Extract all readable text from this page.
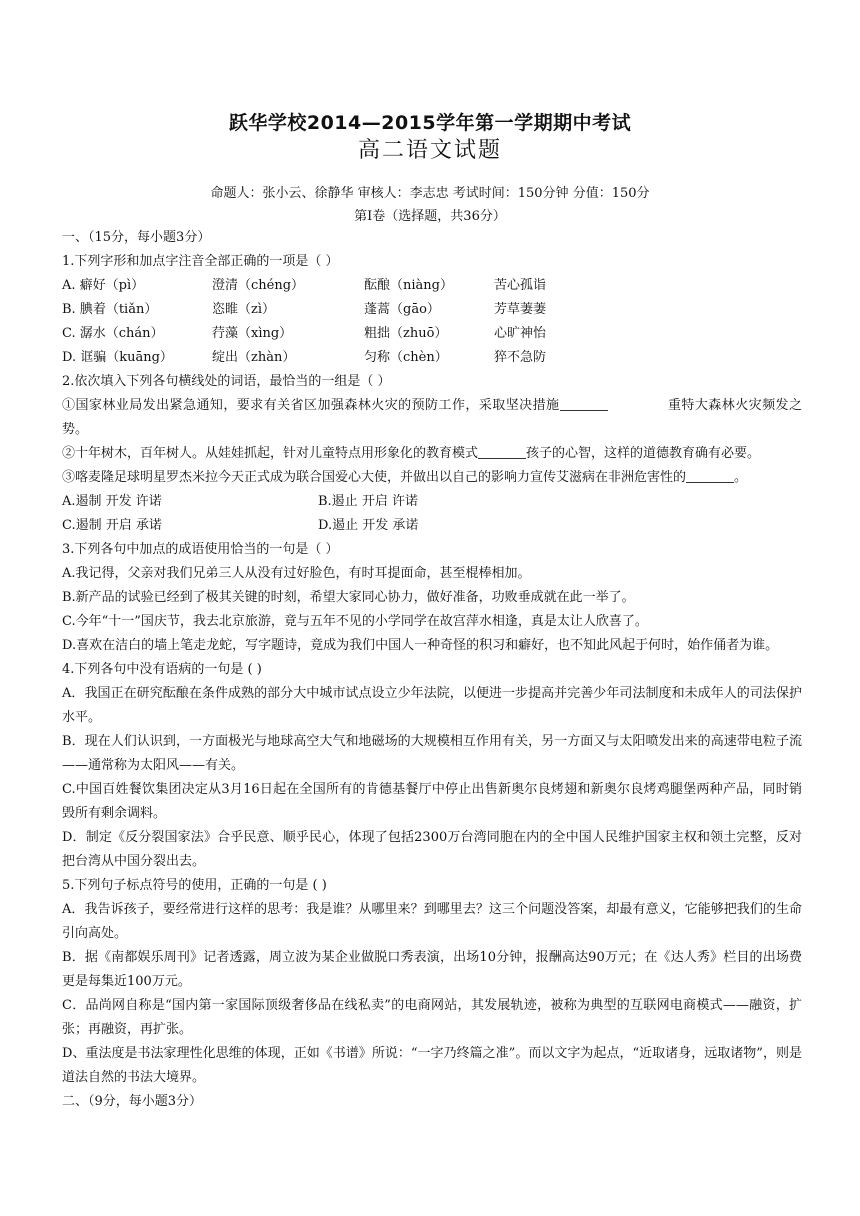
跃华学校2014—2015学年第一学期期中考试
高二语文试题
命题人：张小云、徐静华 审核人：李志忠 考试时间：150分钟 分值：150分
第Ⅰ卷（选择题，共36分）
一、（15分，每小题3分）
1.下列字形和加点字注音全部正确的一项是（ ）
A. 癖好（pì）	澄清（chéng）	酝酿（niàng）	苦心孤诣
B. 腆着（tiǎn）	恣睢（zì）	蓬蒿（gāo）	芳草萋萋
C. 潺水（chán）	荇藻（xìng）	粗拙（zhuō）	心旷神怡
D. 诓骗（kuāng）	绽出（zhàn）	匀称（chèn）	猝不急防
2.依次填入下列各句横线处的词语，最恰当的一组是（ ）
①国家林业局发出紧急通知，要求有关省区加强森林火灾的预防工作，采取坚决措施	重特大森林火灾频发之势。
②十年树木，百年树人。从娃娃抓起，针对儿童特点用形象化的教育模式	孩子的心智，这样的道德教育确有必要。
③喀麦隆足球明星罗杰米拉今天正式成为联合国爱心大使，并做出以自己的影响力宣传艾滋病在非洲危害性的	。
A.遏制 开发 许诺	B.遏止 开启 许诺
C.遏制 开启 承诺	D.遏止 开发 承诺
3.下列各句中加点的成语使用恰当的一句是（ ）
A.我记得，父亲对我们兄弟三人从没有过好脸色，有时耳提面命，甚至棍棒相加。
B.新产品的试验已经到了极其关键的时刻，希望大家同心协力，做好准备，功败垂成就在此一举了。
C.今年“十一”国庆节，我去北京旅游，竟与五年不见的小学同学在故宫萍水相逢，真是太让人欣喜了。
D.喜欢在洁白的墙上笔走龙蛇，写字题诗，竟成为我们中国人一种奇怪的积习和癖好，也不知此风起于何时，始作俑者为谁。
4.下列各句中没有语病的一句是 ( )
A．我国正在研究酝酿在条件成熟的部分大中城市试点设立少年法院，以便进一步提高并完善少年司法制度和未成年人的司法保护水平。
B．现在人们认识到，一方面极光与地球高空大气和地磁场的大规模相互作用有关，另一方面又与太阳喷发出来的高速带电粒子流——通常称为太阳风——有关。
C.中国百姓餐饮集团决定从3月16日起在全国所有的肯德基餐厅中停止出售新奥尔良烤翅和新奥尔良烤鸡腿堡两种产品，同时销毁所有剩余调料。
D．制定《反分裂国家法》合乎民意、顺乎民心，体现了包括2300万台湾同胞在内的全中国人民维护国家主权和领土完整，反对把台湾从中国分裂出去。
5.下列句子标点符号的使用，正确的一句是 ( )
A．我告诉孩子，要经常进行这样的思考：我是谁？从哪里来？到哪里去？这三个问题没答案，却最有意义，它能够把我们的生命引向高处。
B．据《南都娱乐周刊》记者透露，周立波为某企业做脱口秀表演，出场10分钟，报酬高达90万元；在《达人秀》栏目的出场费更是每集近100万元。
C．品尚网自称是“国内第一家国际顶级奢侈品在线私卖”的电商网站，其发展轨迹，被称为典型的互联网电商模式——融资，扩张；再融资，再扩张。
D、重法度是书法家理性化思维的体现，正如《书谱》所说：“一字乃终篇之准”。而以文字为起点，“近取诸身，远取诸物”，则是道法自然的书法大境界。
二、（9分，每小题3分）
